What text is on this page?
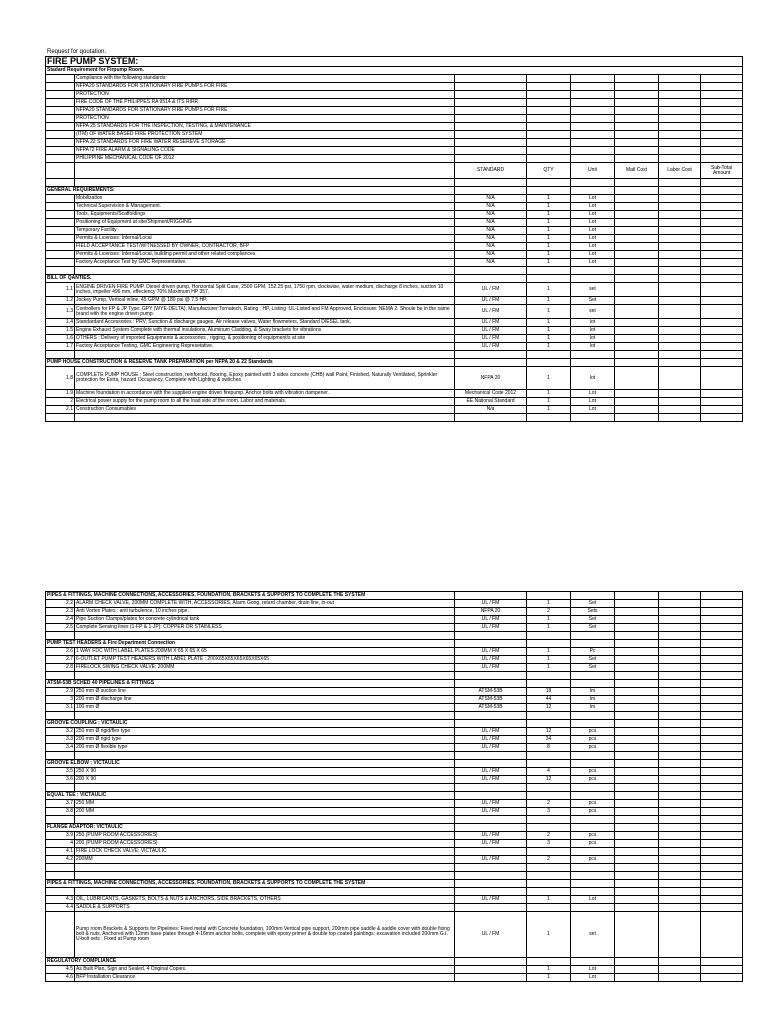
Request for qoutation.
FIRE PUMP SYSTEM:							
Stadard Requirement for Firpump Room.							
	Compliance with the following standards:						
	NFPA20 STANDARDS FOR STATIONARY FIRE PUMPS FOR FIRE						
	PROTECTION						
	FIRE CODE OF THE PHILIPPES RA 9514 & ITS RIRR						
	NFPA20 STANDARDS FOR STATIONARY FIRE PUMPS FOR FIRE						
	PROTECTION						
	NFPA 25 STANDARDS FOR THE INSPECTION, TESTING, & MAINTENANCE						
	(ITM) OF WATER BASED FIRE PROTECTION SYSTEM						
	NFPA 22 STANDARDS FOR FIRE WATER RESEREVE STORAGE						
	NFPA72 FIRE ALARM & SIGNALING CODE						
	PHILIPPINE MECHANICAL CODE OF 2012						
		STANDARD	QTY	Unit	Matl Cost	Labor Cost	Sub-Total Amount

GENERAL REQUIREMENTS:							
	Mobilization	N/A	1	Lot			
	Technical Supervision & Management.	N/A	1	Lot			
	Tools, Equipments/Scaffoldings	N/A	1	Lot			
	Positioning of Equipment at site/Shipment/RIGGING	N/A	1	Lot			
	Temporary Facility	N/A	1	Lot			
	Permits & Licenses: Internal/Local	N/A	1	Lot			
	FIELD ACCEPTANCE TEST/WITNESSED BY OWNER, CONTRACTOR, BFP	N/A	1	Lot			
	Permits & Licenses: Internal/Local, building permit and other related compliances.	N/A	1	Lot			
	Factory Acceptance Test by GMC Representative.	N/A	1	Lot			

BILL OF QANTIES.							
1.1	ENGINE DRIVEN FIRE PUMP. Diesel driven pump, Horizontal Split Case, 2500 GPM, 152.25 psi, 1750 rpm, clockwise, water medium, discharge 8 inches, suction 10 inches, impeller 496 mm, effeciency 70% Maximum HP 357.	UL / FM	1	set			
1.2	Jockey Pump, Vertical inline, 45 GPM @ 180 psi @ 7.5 HP.	UL / FM	1	Set			
1.3	Controllers for FP & JP Type: GPY (WYE-DELTA), Manufacturer:Tornatech, Rating : HP, Listing :UL-Listed and FM Approved, Enclosure: NEMA 2. Shoule be in the same brand with the engine driven pump.	UL / FM	1	set			
1.4	Standardard Accessories : PRV, Sunction & discharge gauges, Air release valves, Water flowmeters, Standard DIESEL tank,	UL / FM	1	lot			
1.5	Engine Exhaust System Complete with thermal insulations, Aluminum Cladding, & Sway brackets for vibrations	UL / FM	1	lot			
1.6	OTHERS : Delivery of imported Equipments & accessories , rigging, & positioning of equipment/s at site	UL / FM	1	lot			
1.7	Factory Acceptance Testing, GMC Engineering Represetative.	UL / FM	1	lot			

PUMP HOUSE CONSTRUCTION & RESERVE TANK PREPARATION per NFPA 20 & 22 Standards							
1.8	COMPLETE PUMP HOUSE : Steel construction, reinforced, flooring, Epoxy painted with 3 sides concrete (CHB) wall Paint, Finished, Naturally Ventilated, Sprinkler protection for Extra, hazard Occupancy, Complete with Lighting & switches	NFPA 20	1	lot			
1.9	Machine foundation in accordance with the supplied engine driven firepump. Anchor bolts with vibration dampener.	Mechanical Code 2012	1	Lot			
2	Electrical power supply for the pump room to all the load side of the room. Labor and materials.	EE National Standard	1	Lot			
2.1	Construction Consumables	N/a	1	Lot			

PIPES & FITTINGS, MACHINE CONNECTIONS, ACCESSORIES, FOUNDATION, BRACKETS & SUPPORTS TO COMPLETE THE SYSTEM							
2.2	ALARM CHECK VALVE, 200MM COMPLETE WITH, ACCESSORIES, Alarm Gong, retard chamber, drain line, in-out	UL / FM	1	Set			
2.3	Anti Vortex Plates : anti turbulence, 10 inches pipe.	NFPA 20	2	Sets			
2.4	Pipe Suction Clamps/plates for concrete cylindrical tank	UL / FM	1	Set			
2.5	Complete Sensing lines (1-FP & 1-JP): COPPER OR STAINLESS	UL / FM	1	Set			

PUMP TEST HEADERS & Fire Department Connection							
2.6	1 WAY FDC WITH LABEL PLATES 200MM X 65 X 65 X 65	UL / FM	1	Pc			
2.7	6-OUTLET PUMP TEST HEADERS WITH LABEL PLATE : 200X65X65X65X65X65X65	UL / FM	1	Set			
2.8	FIRELOCK SWING CHECK VALVE: 200MM	UL / FM	1	Set			

ATSM-53B SCHED 40 PIPELINES & FITTINGS							
2.9	250 mm Ø suction line	ATSM-53B	18	lm			
3	200 mm Ø discharge line	ATSM-53B	44	lm			
3.1	100 mm Ø	ATSM-53B	12	lm			

GROOVE COUPLING : VICTAULIC							
3.2	250 mm Ø rigid/flex type	UL / FM	12	pcs			
3.3	200 mm Ø rigid type	UL / FM	34	pcs			
3.4	200 mm Ø flexible type	UL / FM	8	pcs			

GROOVE ELBOW : VICTAULIC							
3.5	250 X 90	UL / FM	4	pcs			
3.6	200 X 90	UL / FM	12	pcs			

EQUAL TEE : VICTAULIC							
3.7	250 MM	UL / FM	2	pcs			
3.8	200 MM	UL / FM	3	pcs			

FLANGE ADAPTOR: VICTAULIC							
3.9	250 (PUMP ROOM ACCESSORIES)	UL / FM	2	pcs			
4	200 (PUMP ROOM ACCESSORIES)	UL / FM	3	pcs			
4.1	FIRE LOCK CHECK VALVE: VICTAULIC						
4.2	200MM	UL / FM	2	pcs			

PIPES & FITTINGS, MACHINE CONNECTIONS, ACCESSORIES, FOUNDATION, BRACKETS & SUPPORTS TO COMPLETE THE SYSTEM							

4.3	OIL, LUBRICANTS, GASKETS, BOLTS & NUTS & ANCHORS, SIDE BRACKETS, OTHERS	UL / FM	1	Lot			
4.4	SADDLE & SUPPORTS						
	Pump room Brackets & Supports for Pipelines: Fixed metal with Concrete foundation, 100mm Vertical pipe support, 200mm pipe saddle & saddle cover with double fixing bolt & nuts, Anchored with 12mm base plates through 4-16mm anchor bolts, complete with epoxy primer & double top coated paintings: excavation included 200mm G.I. U-bolt sets : Fixed at Pump room	UL / FM	1	set			
REGULATORY COMPLIANCE							
4.5	As Built Plan, Sign and Sealed, 4 Original Copies.		1	Lot			
4.6	BFP Installation Clearance		1	Lot			
